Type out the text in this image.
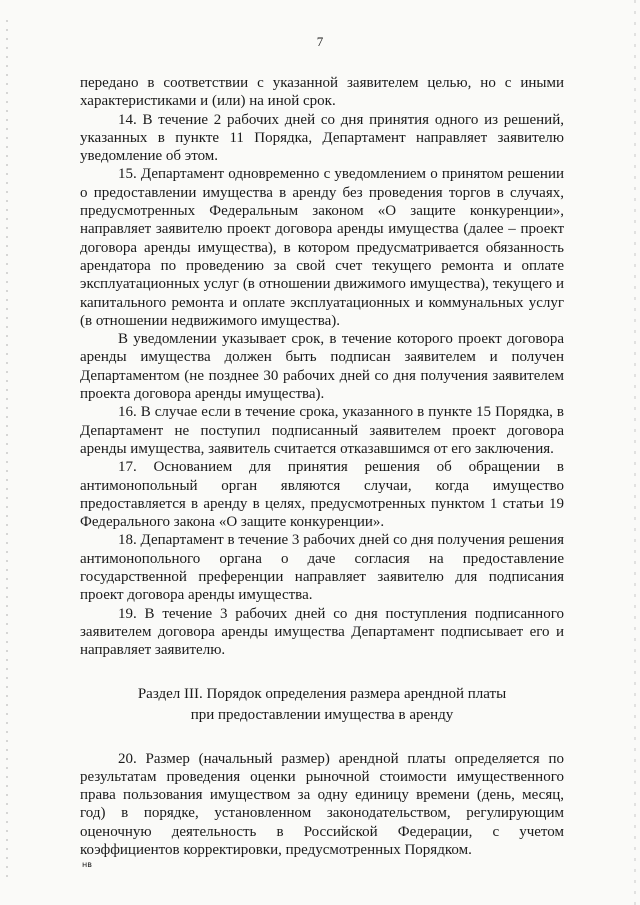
7

передано в соответствии с указанной заявителем целью, но с иными характеристиками и (или) на иной срок.

14. В течение 2 рабочих дней со дня принятия одного из решений, указанных в пункте 11 Порядка, Департамент направляет заявителю уведомление об этом.

15. Департамент одновременно с уведомлением о принятом решении о предоставлении имущества в аренду без проведения торгов в случаях, предусмотренных Федеральным законом «О защите конкуренции», направляет заявителю проект договора аренды имущества (далее – проект договора аренды имущества), в котором предусматривается обязанность арендатора по проведению за свой счет текущего ремонта и оплате эксплуатационных услуг (в отношении движимого имущества), текущего и капитального ремонта и оплате эксплуатационных и коммунальных услуг (в отношении недвижимого имущества).

В уведомлении указывает срок, в течение которого проект договора аренды имущества должен быть подписан заявителем и получен Департаментом (не позднее 30 рабочих дней со дня получения заявителем проекта договора аренды имущества).

16. В случае если в течение срока, указанного в пункте 15 Порядка, в Департамент не поступил подписанный заявителем проект договора аренды имущества, заявитель считается отказавшимся от его заключения.

17. Основанием для принятия решения об обращении в антимонопольный орган являются случаи, когда имущество предоставляется в аренду в целях, предусмотренных пунктом 1 статьи 19 Федерального закона «О защите конкуренции».

18. Департамент в течение 3 рабочих дней со дня получения решения антимонопольного органа о даче согласия на предоставление государственной преференции направляет заявителю для подписания проект договора аренды имущества.

19. В течение 3 рабочих дней со дня поступления подписанного заявителем договора аренды имущества Департамент подписывает его и направляет заявителю.

Раздел III. Порядок определения размера арендной платы
при предоставлении имущества в аренду

20. Размер (начальный размер) арендной платы определяется по результатам проведения оценки рыночной стоимости имущественного права пользования имуществом за одну единицу времени (день, месяц, год) в порядке, установленном законодательством, регулирующим оценочную деятельность в Российской Федерации, с учетом коэффициентов корректировки, предусмотренных Порядком.

нв
